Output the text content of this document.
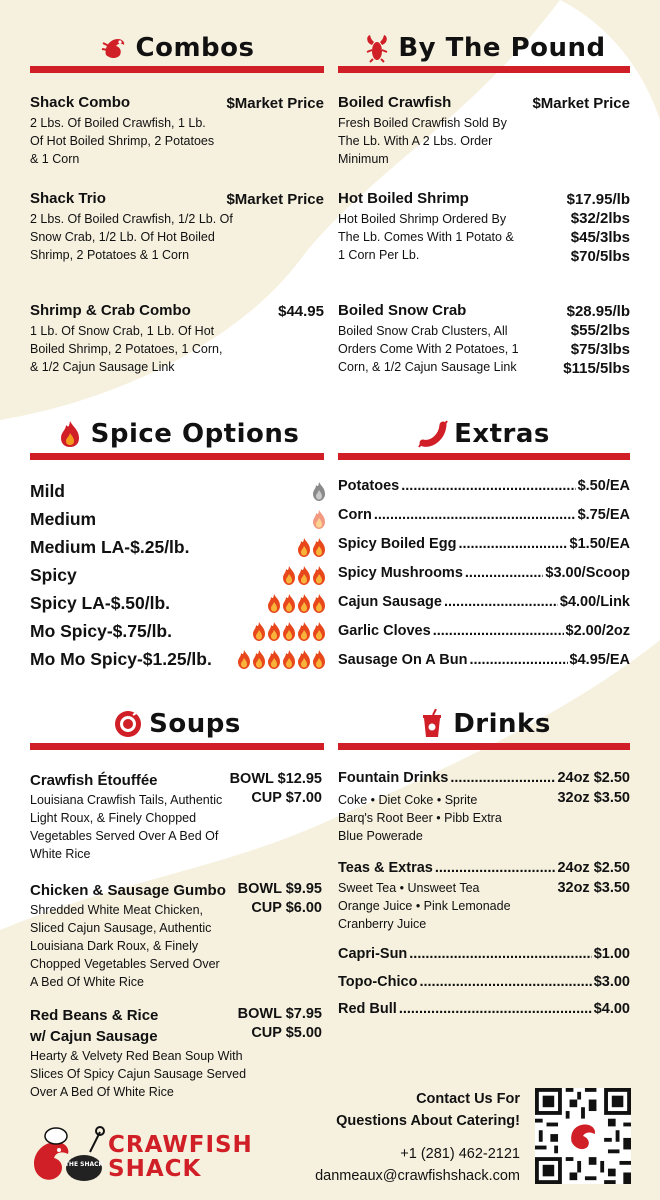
Combos
Shack Combo	$Market Price
2 Lbs. Of Boiled Crawfish, 1 Lb.
Of Hot Boiled Shrimp, 2 Potatoes
& 1 Corn
Shack Trio	$Market Price
2 Lbs. Of Boiled Crawfish, 1/2 Lb. Of
Snow Crab, 1/2 Lb. Of Hot Boiled
Shrimp, 2 Potatoes & 1 Corn
Shrimp & Crab Combo	$44.95
1 Lb. Of Snow Crab, 1 Lb. Of Hot
Boiled Shrimp, 2 Potatoes, 1 Corn,
& 1/2 Cajun Sausage Link
By The Pound
Boiled Crawfish	$Market Price
Fresh Boiled Crawfish Sold By
The Lb. With A 2 Lbs. Order Minimum
Hot Boiled Shrimp	$17.95/lb
$32/2lbs
$45/3lbs
$70/5lbs
Hot Boiled Shrimp Ordered By
The Lb. Comes With 1 Potato &
1 Corn Per Lb.
Boiled Snow Crab	$28.95/lb
$55/2lbs
$75/3lbs
$115/5lbs
Boiled Snow Crab Clusters, All
Orders Come With 2 Potatoes, 1
Corn, & 1/2 Cajun Sausage Link
Spice Options
Mild
Medium
Medium LA-$.25/lb.
Spicy
Spicy LA-$.50/lb.
Mo Spicy-$.75/lb.
Mo Mo Spicy-$1.25/lb.
Extras
Potatoes .....	$.50/EA
Corn .....	$.75/EA
Spicy Boiled Egg .....	$1.50/EA
Spicy Mushrooms .....	$3.00/Scoop
Cajun Sausage .....	$4.00/Link
Garlic Cloves .....	$2.00/2oz
Sausage On A Bun .....	$4.95/EA
Soups
Crawfish Étouffée	BOWL $12.95
CUP $7.00
Louisiana Crawfish Tails, Authentic
Light Roux, & Finely Chopped
Vegetables Served Over A Bed Of
White Rice
Chicken & Sausage Gumbo BOWL $9.95
CUP $6.00
Shredded White Meat Chicken,
Sliced Cajun Sausage, Authentic
Louisiana Dark Roux, & Finely
Chopped Vegetables Served Over
A Bed Of White Rice
Red Beans & Rice
w/ Cajun Sausage
BOWL $7.95
CUP $5.00
Hearty & Velvety Red Bean Soup With
Slices Of Spicy Cajun Sausage Served
Over A Bed Of White Rice
Drinks
Fountain Drinks .....	24oz $2.50
32oz $3.50
Coke • Diet Coke • Sprite
Barq's Root Beer • Pibb Extra
Blue Powerade
Teas & Extras .....	24oz $2.50
32oz $3.50
Sweet Tea • Unsweet Tea
Orange Juice • Pink Lemonade
Cranberry Juice
Capri-Sun .....	$1.00
Topo-Chico .....	$3.00
Red Bull .....	$4.00
Contact Us For
Questions About Catering!
+1 (281) 462-2121
danmeaux@crawfishshack.com
THE SHACK
CRAWFISH
SHACK
